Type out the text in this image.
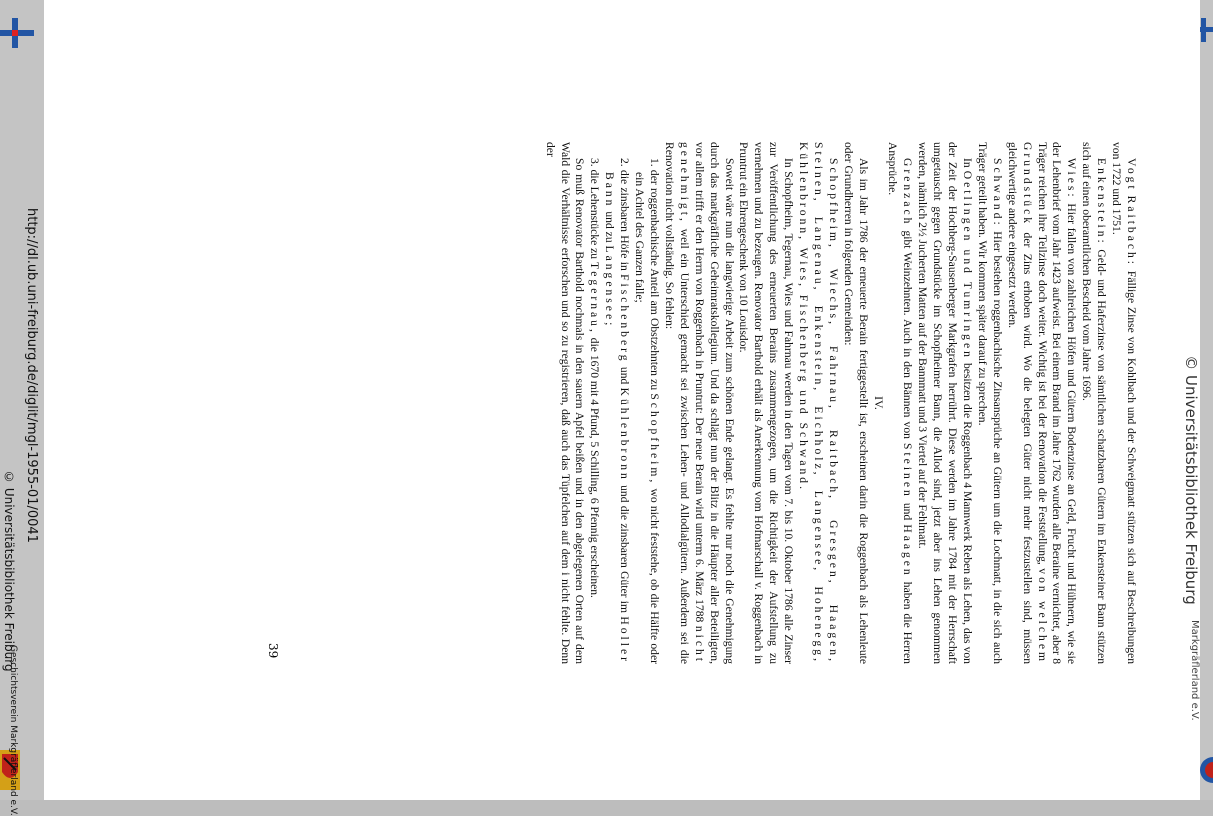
http://dl.ub.uni-freiburg.de/diglit/mgl-1955-01/0041
© Universitätsbibliothek Freiburg
Geschichtsverein Markgräflerland e.V.
© Universitätsbibliothek Freiburg
Markgräflerland e.V.

Vogt Raitbach: Fällige Zinse von Kohlbach und der Schweigmatt stützen sich auf Beschreibungen von 1722 und 1751.

Enkenstein: Geld- und Haferzinse von sämtlichen schatzbaren Gütern im Enkensteiner Bann stützen sich auf einen oberamtlichen Bescheid vom Jahre 1696.

Wies: Hier fallen von zahlreichen Höfen und Gütern Bodenzinse an Geld, Frucht und Hühnern, wie sie der Lehenbrief vom Jahr 1423 aufweist. Bei einem Brand im Jahre 1762 wurden alle Beraine vernichtet, aber 8 Träger reichen ihre Teilzinse doch weiter. Wichtig ist bei der Renovation die Feststellung, von welchem Grundstück der Zins erhoben wird. Wo die belegten Güter nicht mehr festzustellen sind, müssen gleichwertige andere eingesetzt werden.

Schwand: Hier bestehen roggenbachische Zinsansprüche an Gütern um die Lochmatt, in die sich auch Träger geteilt haben. Wir kommen später darauf zu sprechen.

In Oetlingen und Tumringen besitzen die Roggenbach 4 Mannwerk Reben als Lehen, das von der Zeit der Hochberg-Sausenberger Markgrafen herrührt. Diese werden im Jahre 1784 mit der Herrschaft umgetauscht gegen Grundstücke im Schopfheimer Bann, die Allod sind, jetzt aber ins Lehen genommen werden, nämlich 2½ Jucherten Matten auf der Bannmatt und 3 Viertel auf der Fehlmatt.

Grenzach gibt Weinzehnten. Auch in den Bännen von Steinen und Haagen haben die Herren Ansprüche.

IV.

Als im Jahr 1786 der erneuerte Berain fertiggestellt ist, erscheinen darin die Roggenbach als Lehenleute oder Grundherren in folgenden Gemeinden:

Schopfheim, Wiechs, Fahrnau, Raitbach, Gresgen, Haagen, Steinen, Langenau, Enkenstein, Eichholz, Langensee, Hohenegg, Kühlenbronn, Wies, Fischenberg und Schwand.

In Schopfheim, Tegernau, Wies und Fahrnau werden in den Tagen vom 7. bis 10. Oktober 1786 alle Zinser zur Veröffentlichung des erneuerten Berains zusammengezogen, um die Richtigkeit der Aufstellung zu vernehmen und zu bezeugen. Renovator Barthold erhält als Anerkennung vom Hofmarschall v. Roggenbach in Pruntrut ein Ehrengeschenk von 10 Louisdor.

Soweit wäre nun die langwierige Arbeit zum schönen Ende gelangt. Es fehlte nur noch die Genehmigung durch das markgräfliche Geheimratskollegium. Und da schlägt nun der Blitz in die Häupter aller Beteiligten, vor allem trifft er den Herrn von Roggenbach in Pruntrut: Der neue Berain wird unterm 6. März 1788 nicht genehmigt, weil ein Unterschied gemacht sei zwischen Lehen- und Allodialgütern. Außerdem sei die Renovation nicht vollständig. So fehlen:

1. der roggenbachische Anteil am Obstzehnten zu Schopfheim, wo nicht feststehe, ob die Hälfte oder ein Achtel des Ganzen falle;
2. die zinsbaren Höfe in Fischenberg und Kühlenbronn und die zinsbaren Güter im Holler Bann und zu Langensee;
3. die Lehenstücke zu Tegernau, die 1670 mit 4 Pfund, 5 Schilling, 6 Pfennig erscheinen.

So muß Renovator Barthold nochmals in den sauern Apfel beißen und in den abgelegenen Orten auf dem Wald die Verhältnisse erforschen und so zu registrieren, daß auch das Tüpfelchen auf dem i nicht fehlte. Denn der

39
